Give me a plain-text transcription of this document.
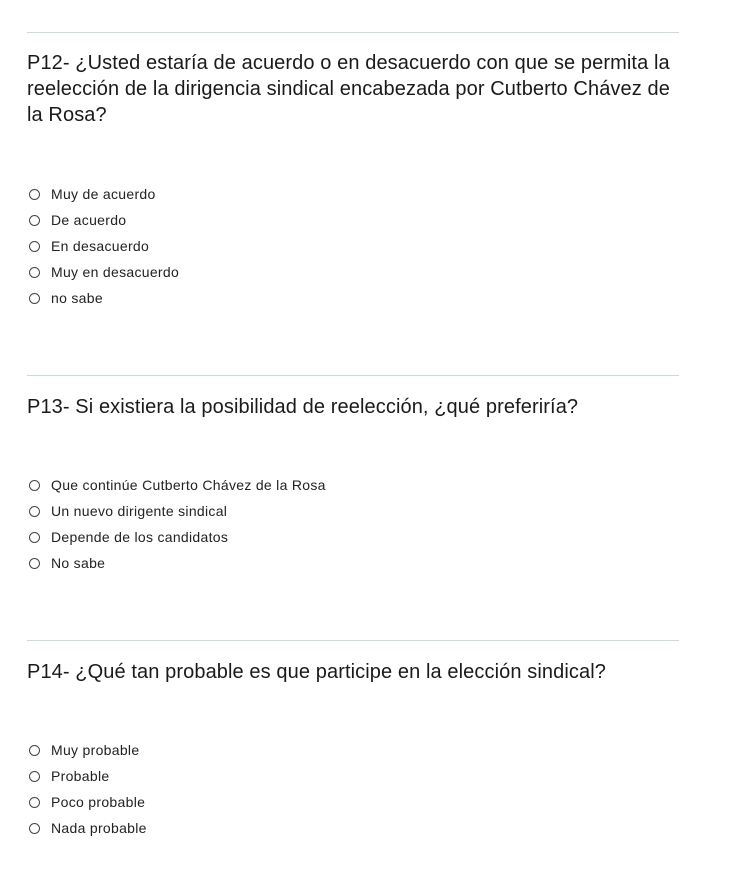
P12- ¿Usted estaría de acuerdo o en desacuerdo con que se permita la reelección de la dirigencia sindical encabezada por Cutberto Chávez de la Rosa?
Muy de acuerdo
De acuerdo
En desacuerdo
Muy en desacuerdo
no sabe
P13- Si existiera la posibilidad de reelección, ¿qué preferiría?
Que continúe Cutberto Chávez de la Rosa
Un nuevo dirigente sindical
Depende de los candidatos
No sabe
P14- ¿Qué tan probable es que participe en la elección sindical?
Muy probable
Probable
Poco probable
Nada probable
